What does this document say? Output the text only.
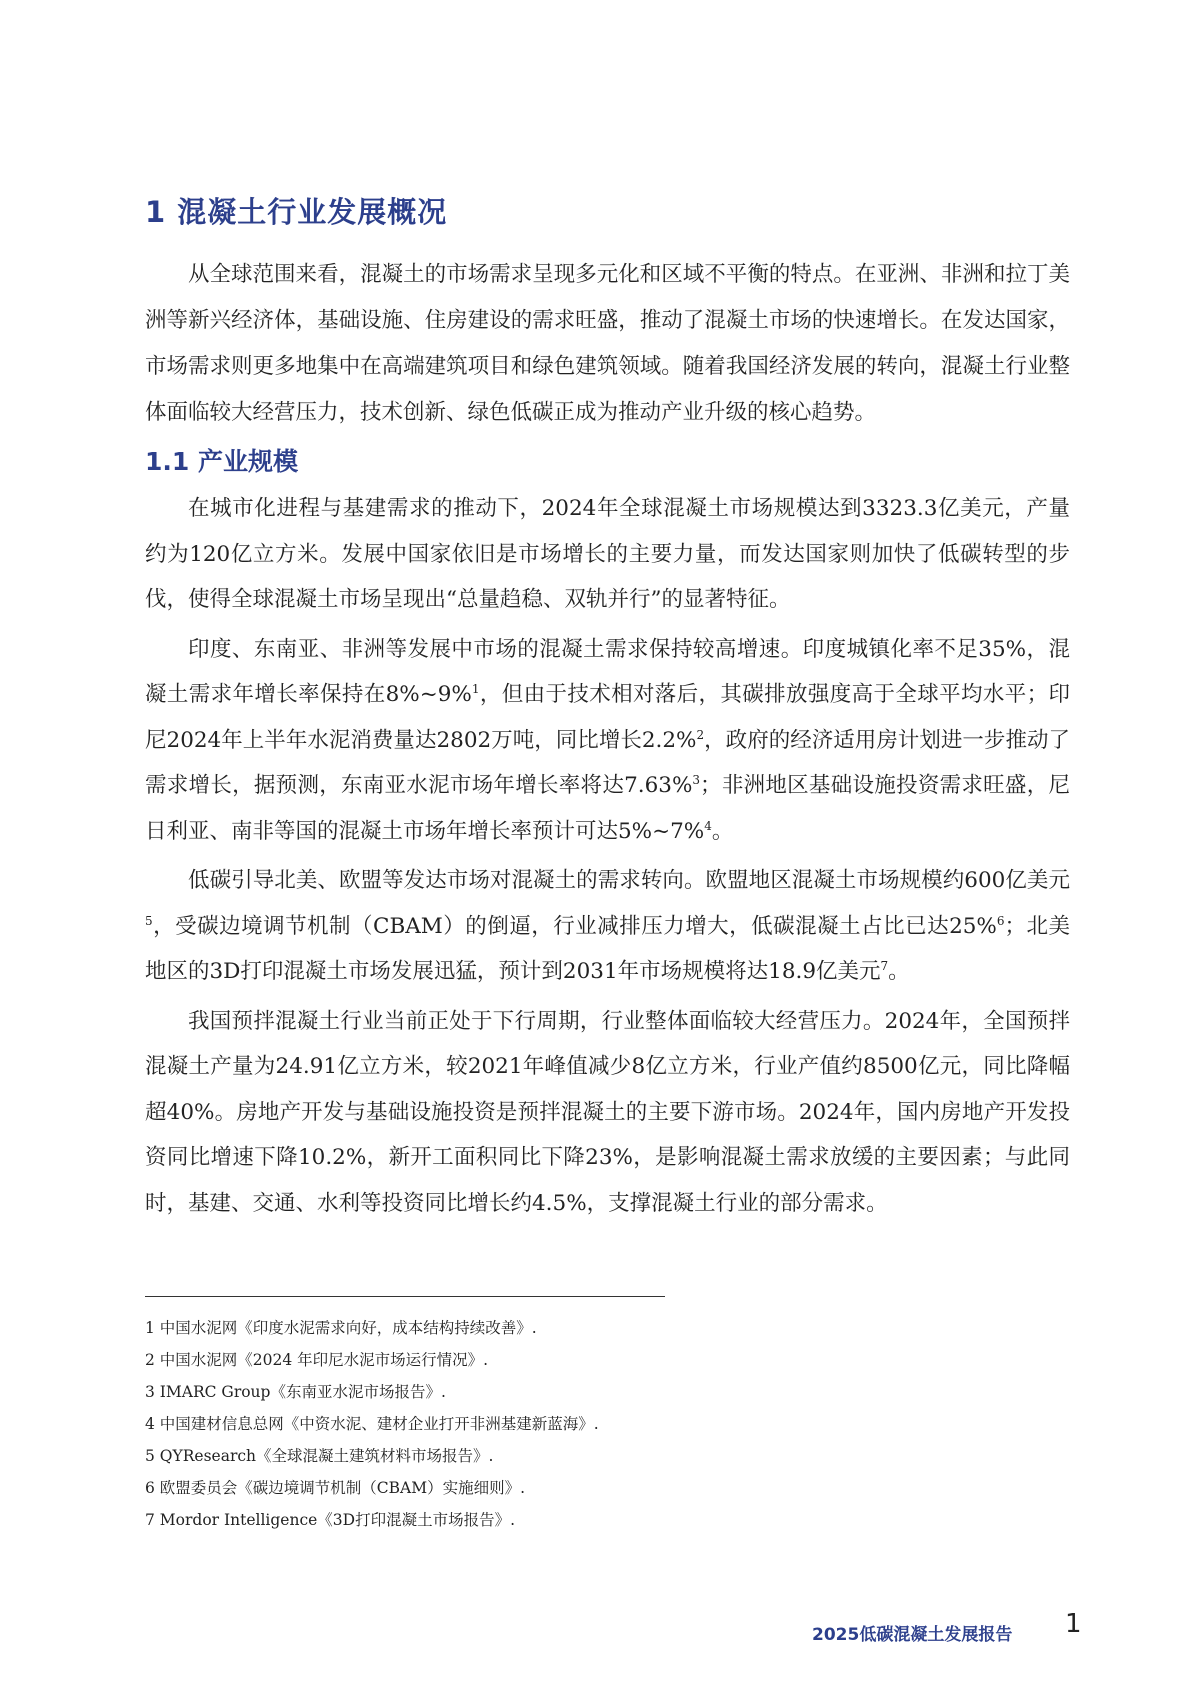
1 混凝土行业发展概况

从全球范围来看，混凝土的市场需求呈现多元化和区域不平衡的特点。在亚洲、非洲和拉丁美洲等新兴经济体，基础设施、住房建设的需求旺盛，推动了混凝土市场的快速增长。在发达国家，市场需求则更多地集中在高端建筑项目和绿色建筑领域。随着我国经济发展的转向，混凝土行业整体面临较大经营压力，技术创新、绿色低碳正成为推动产业升级的核心趋势。

1.1 产业规模

在城市化进程与基建需求的推动下，2024年全球混凝土市场规模达到3323.3亿美元，产量约为120亿立方米。发展中国家依旧是市场增长的主要力量，而发达国家则加快了低碳转型的步伐，使得全球混凝土市场呈现出“总量趋稳、双轨并行”的显著特征。

印度、东南亚、非洲等发展中市场的混凝土需求保持较高增速。印度城镇化率不足35%，混凝土需求年增长率保持在8%~9%$^1$，但由于技术相对落后，其碳排放强度高于全球平均水平；印尼2024年上半年水泥消费量达2802万吨，同比增长2.2%$^2$，政府的经济适用房计划进一步推动了需求增长，据预测，东南亚水泥市场年增长率将达7.63%$^3$；非洲地区基础设施投资需求旺盛，尼日利亚、南非等国的混凝土市场年增长率预计可达5%~7%$^4$。

低碳引导北美、欧盟等发达市场对混凝土的需求转向。欧盟地区混凝土市场规模约600亿美元$^5$，受碳边境调节机制（CBAM）的倒逼，行业减排压力增大，低碳混凝土占比已达25%$^6$；北美地区的3D打印混凝土市场发展迅猛，预计到2031年市场规模将达18.9亿美元$^7$。

我国预拌混凝土行业当前正处于下行周期，行业整体面临较大经营压力。2024年，全国预拌混凝土产量为24.91亿立方米，较2021年峰值减少8亿立方米，行业产值约8500亿元，同比降幅超40%。房地产开发与基础设施投资是预拌混凝土的主要下游市场。2024年，国内房地产开发投资同比增速下降10.2%，新开工面积同比下降23%，是影响混凝土需求放缓的主要因素；与此同时，基建、交通、水利等投资同比增长约4.5%，支撑混凝土行业的部分需求。

1 中国水泥网《印度水泥需求向好，成本结构持续改善》.

2 中国水泥网《2024 年印尼水泥市场运行情况》.

3 IMARC Group《东南亚水泥市场报告》.

4 中国建材信息总网《中资水泥、建材企业打开非洲基建新蓝海》.

5 QYResearch《全球混凝土建筑材料市场报告》.

6 欧盟委员会《碳边境调节机制（CBAM）实施细则》.

7 Mordor Intelligence《3D打印混凝土市场报告》.

2025低碳混凝土发展报告 1
